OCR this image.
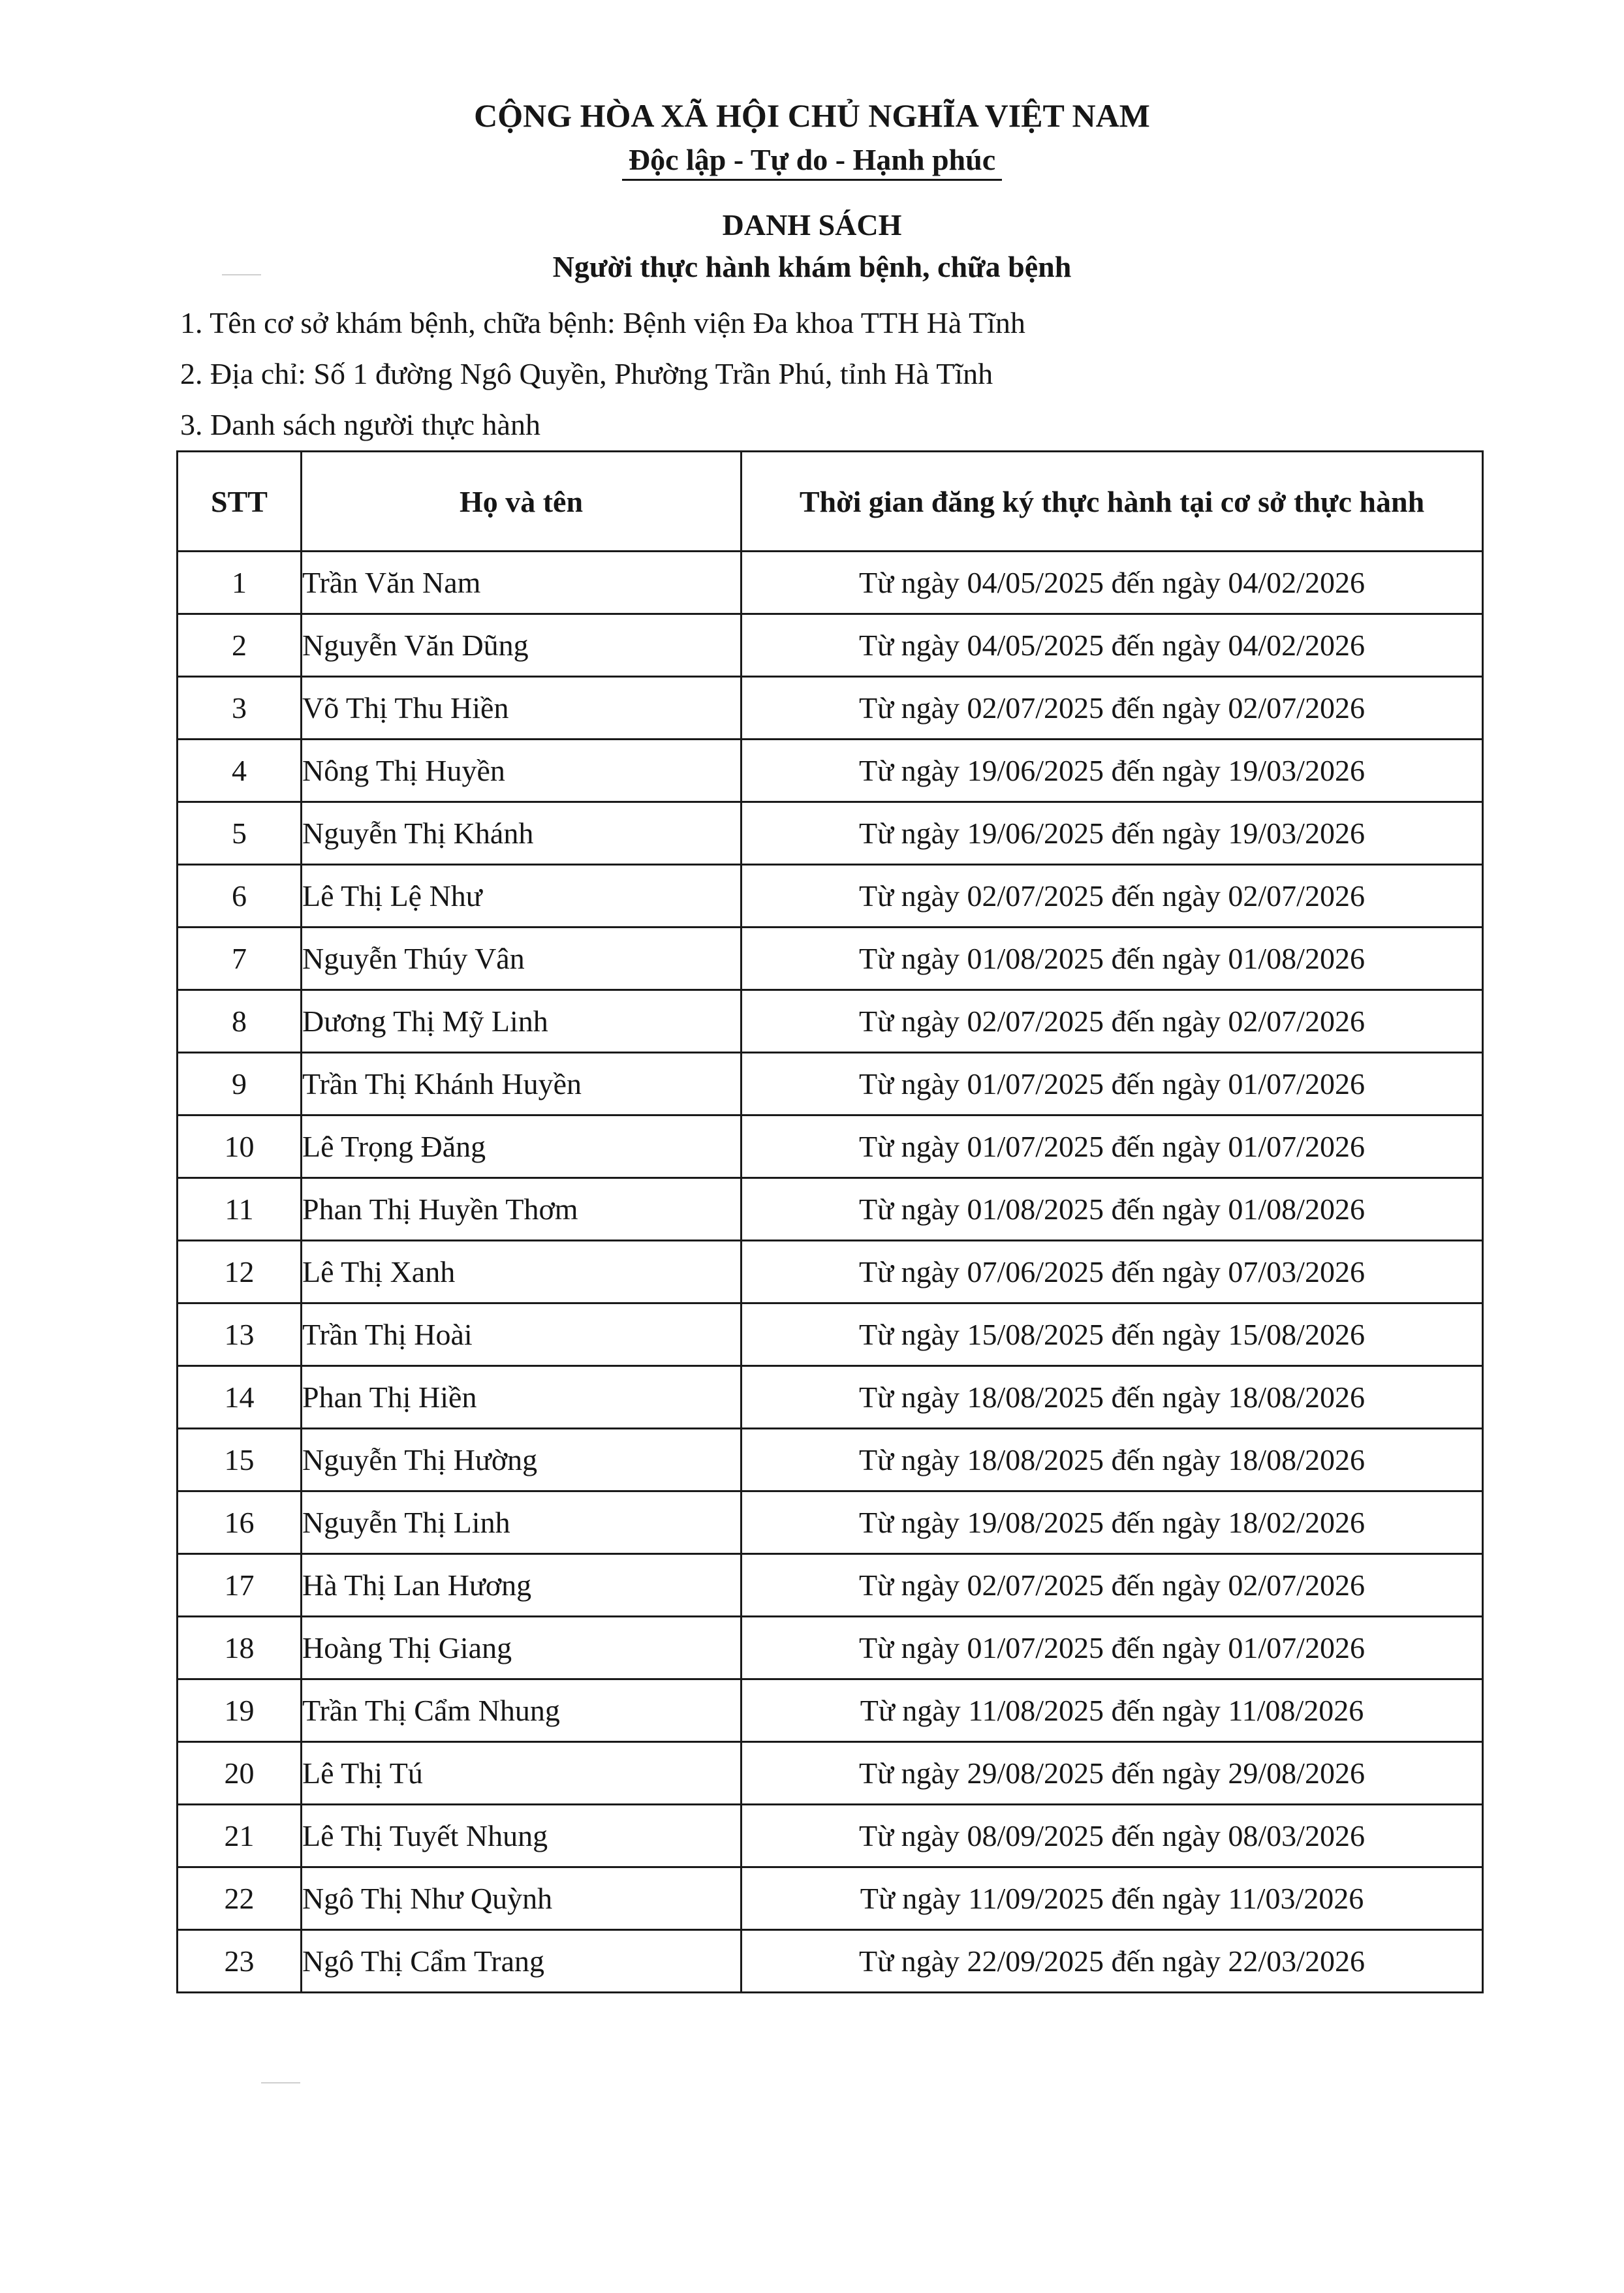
CỘNG HÒA XÃ HỘI CHỦ NGHĨA VIỆT NAM
Độc lập - Tự do - Hạnh phúc
DANH SÁCH
Người thực hành khám bệnh, chữa bệnh
1. Tên cơ sở khám bệnh, chữa bệnh: Bệnh viện Đa khoa TTH Hà Tĩnh
2. Địa chỉ: Số 1 đường Ngô Quyền, Phường Trần Phú, tỉnh Hà Tĩnh
3. Danh sách người thực hành
STT	Họ và tên	Thời gian đăng ký thực hành tại cơ sở thực hành
1	Trần Văn Nam	Từ ngày 04/05/2025 đến ngày 04/02/2026
2	Nguyễn Văn Dũng	Từ ngày 04/05/2025 đến ngày 04/02/2026
3	Võ Thị Thu Hiền	Từ ngày 02/07/2025 đến ngày 02/07/2026
4	Nông Thị Huyền	Từ ngày 19/06/2025 đến ngày 19/03/2026
5	Nguyễn Thị Khánh	Từ ngày 19/06/2025 đến ngày 19/03/2026
6	Lê Thị Lệ Như	Từ ngày 02/07/2025 đến ngày 02/07/2026
7	Nguyễn Thúy Vân	Từ ngày 01/08/2025 đến ngày 01/08/2026
8	Dương Thị Mỹ Linh	Từ ngày 02/07/2025 đến ngày 02/07/2026
9	Trần Thị Khánh Huyền	Từ ngày 01/07/2025 đến ngày 01/07/2026
10	Lê Trọng Đăng	Từ ngày 01/07/2025 đến ngày 01/07/2026
11	Phan Thị Huyền Thơm	Từ ngày 01/08/2025 đến ngày 01/08/2026
12	Lê Thị Xanh	Từ ngày 07/06/2025 đến ngày 07/03/2026
13	Trần Thị Hoài	Từ ngày 15/08/2025 đến ngày 15/08/2026
14	Phan Thị Hiền	Từ ngày 18/08/2025 đến ngày 18/08/2026
15	Nguyễn Thị Hường	Từ ngày 18/08/2025 đến ngày 18/08/2026
16	Nguyễn Thị Linh	Từ ngày 19/08/2025 đến ngày 18/02/2026
17	Hà Thị Lan Hương	Từ ngày 02/07/2025 đến ngày 02/07/2026
18	Hoàng Thị Giang	Từ ngày 01/07/2025 đến ngày 01/07/2026
19	Trần Thị Cẩm Nhung	Từ ngày 11/08/2025 đến ngày 11/08/2026
20	Lê Thị Tú	Từ ngày 29/08/2025 đến ngày 29/08/2026
21	Lê Thị Tuyết Nhung	Từ ngày 08/09/2025 đến ngày 08/03/2026
22	Ngô Thị Như Quỳnh	Từ ngày 11/09/2025 đến ngày 11/03/2026
23	Ngô Thị Cẩm Trang	Từ ngày 22/09/2025 đến ngày 22/03/2026
